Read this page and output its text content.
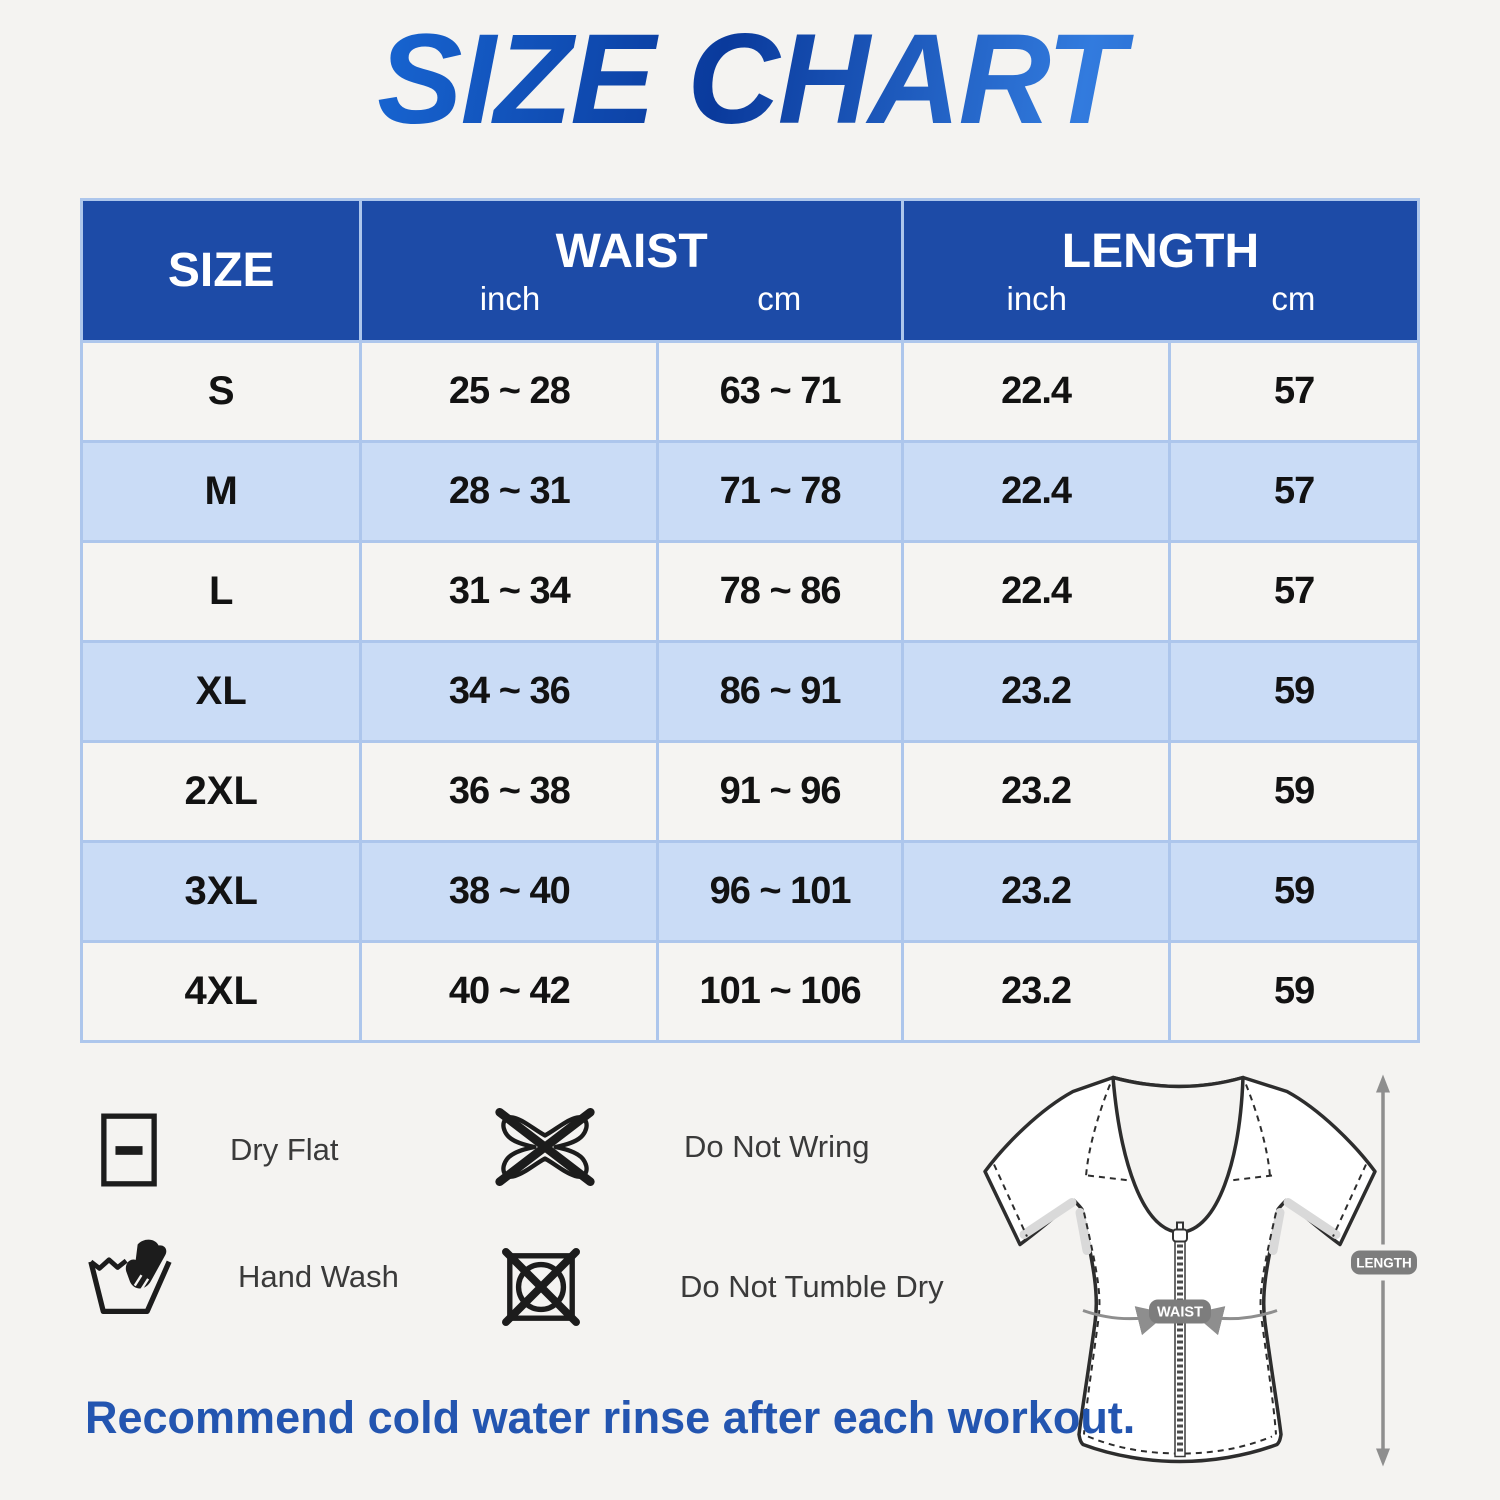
SIZE CHART
SIZE	WAIST
inch	cm

LENGTH
inch	cm

S	25 ~ 28	63 ~ 71	22.4	57
M	28 ~ 31	71 ~ 78	22.4	57
L	31 ~ 34	78 ~ 86	22.4	57
XL	34 ~ 36	86 ~ 91	23.2	59
2XL	36 ~ 38	91 ~ 96	23.2	59
3XL	38 ~ 40	96 ~ 101	23.2	59
4XL	40 ~ 42	101 ~ 106	23.2	59
Dry Flat	Do Not Wring
Hand Wash	Do Not Tumble Dry
WAIST
LENGTH
Recommend cold water rinse after each workout.
